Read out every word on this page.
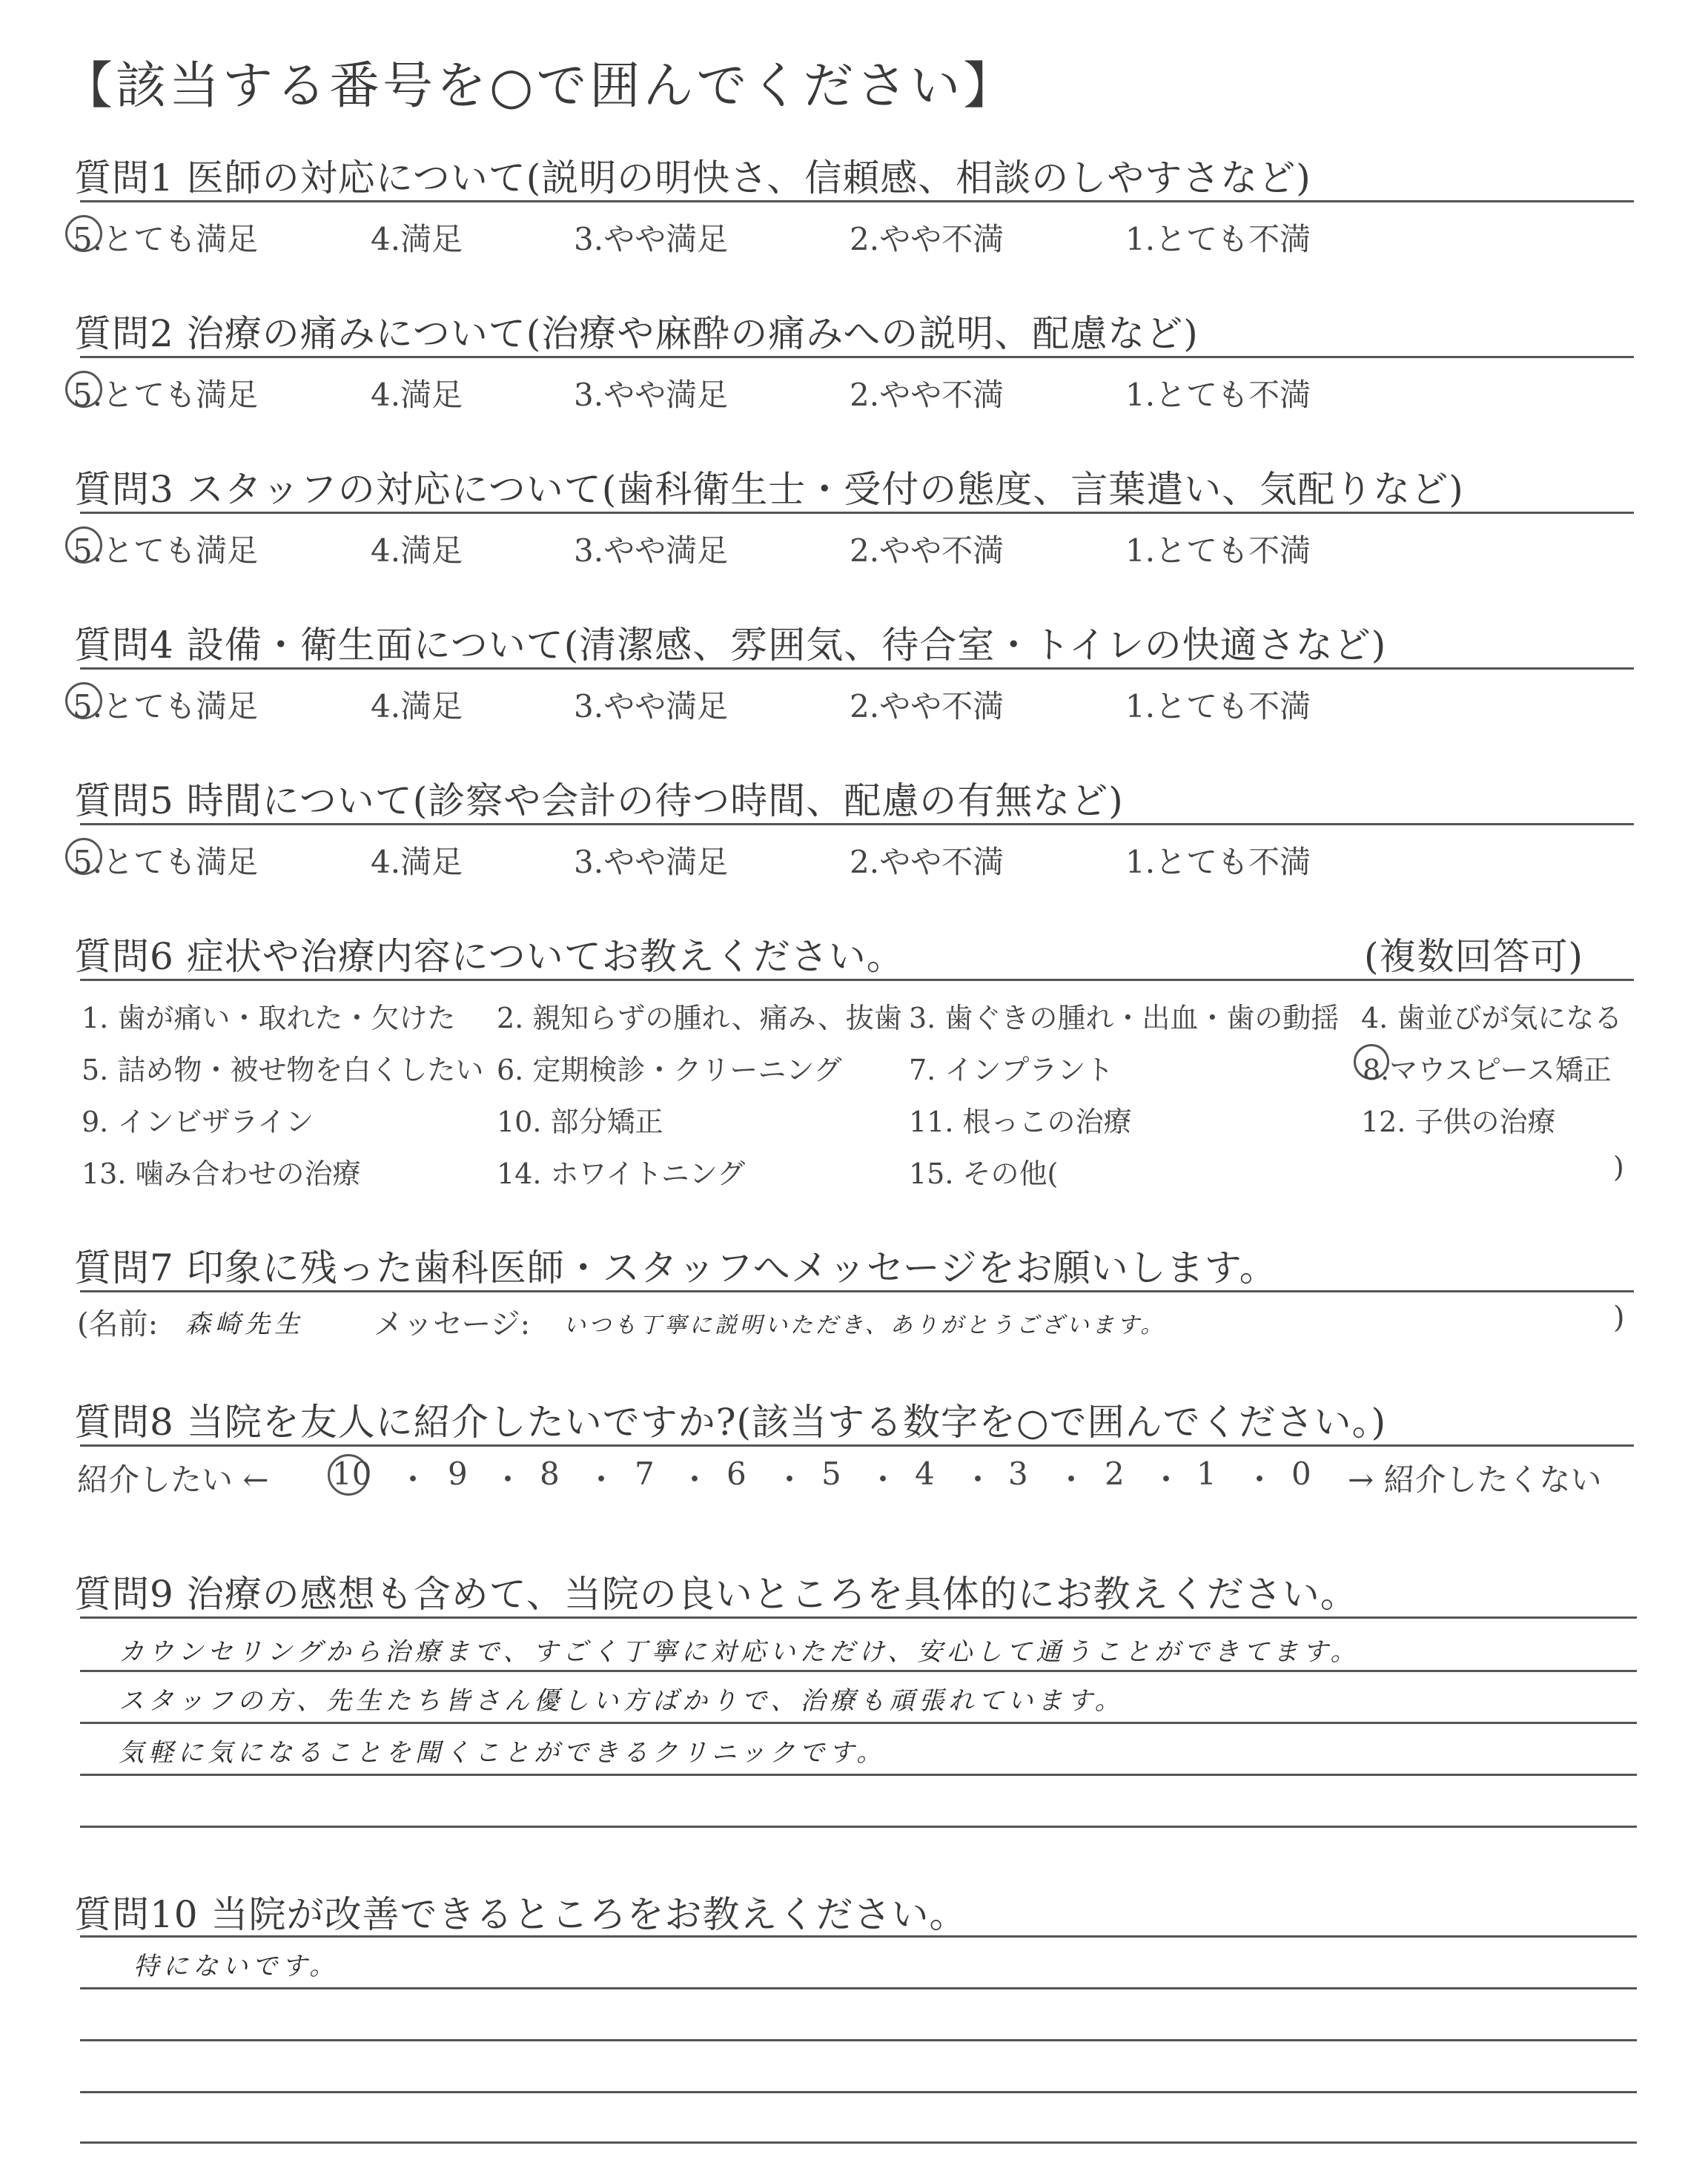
【該当する番号を○で囲んでください】
質問1 医師の対応について(説明の明快さ、信頼感、相談のしやすさなど)
5.とても満足	4.満足	3.やや満足	2.やや不満	1.とても不満
質問2 治療の痛みについて(治療や麻酔の痛みへの説明、配慮など)
5.とても満足	4.満足	3.やや満足	2.やや不満	1.とても不満
質問3 スタッフの対応について(歯科衛生士・受付の態度、言葉遣い、気配りなど)
5.とても満足	4.満足	3.やや満足	2.やや不満	1.とても不満
質問4 設備・衛生面について(清潔感、雰囲気、待合室・トイレの快適さなど)
5.とても満足	4.満足	3.やや満足	2.やや不満	1.とても不満
質問5 時間について(診察や会計の待つ時間、配慮の有無など)
5.とても満足	4.満足	3.やや満足	2.やや不満	1.とても不満
質問6 症状や治療内容についてお教えください。	(複数回答可)
1. 歯が痛い・取れた・欠けた 2. 親知らずの腫れ、痛み、抜歯 3. 歯ぐきの腫れ・出血・歯の動揺 4. 歯並びが気になる
5. 詰め物・被せ物を白くしたい 6. 定期検診・クリーニング 7. インプラント	8.マウスピース矯正
9. インビザライン	10. 部分矯正	11. 根っこの治療	12. 子供の治療
13. 噛み合わせの治療	14. ホワイトニング	15. その他(	)
質問7 印象に残った歯科医師・スタッフへメッセージをお願いします。
(名前: 森崎先生 メッセージ: いつも丁寧に説明いただき、ありがとうございます。	)
質問8 当院を友人に紹介したいですか?(該当する数字を○で囲んでください。)
紹介したい ← 10 ・ 9 ・ 8 ・ 7 ・ 6 ・ 5 ・ 4 ・ 3 ・ 2 ・ 1 ・ 0 → 紹介したくない
質問9 治療の感想も含めて、当院の良いところを具体的にお教えください。
カウンセリングから治療まで、すごく丁寧に対応いただけ、安心して通うことができてます。
スタッフの方、先生たち皆さん優しい方ばかりで、治療も頑張れています。
気軽に気になることを聞くことができるクリニックです。
質問10 当院が改善できるところをお教えください。
特にないです。
